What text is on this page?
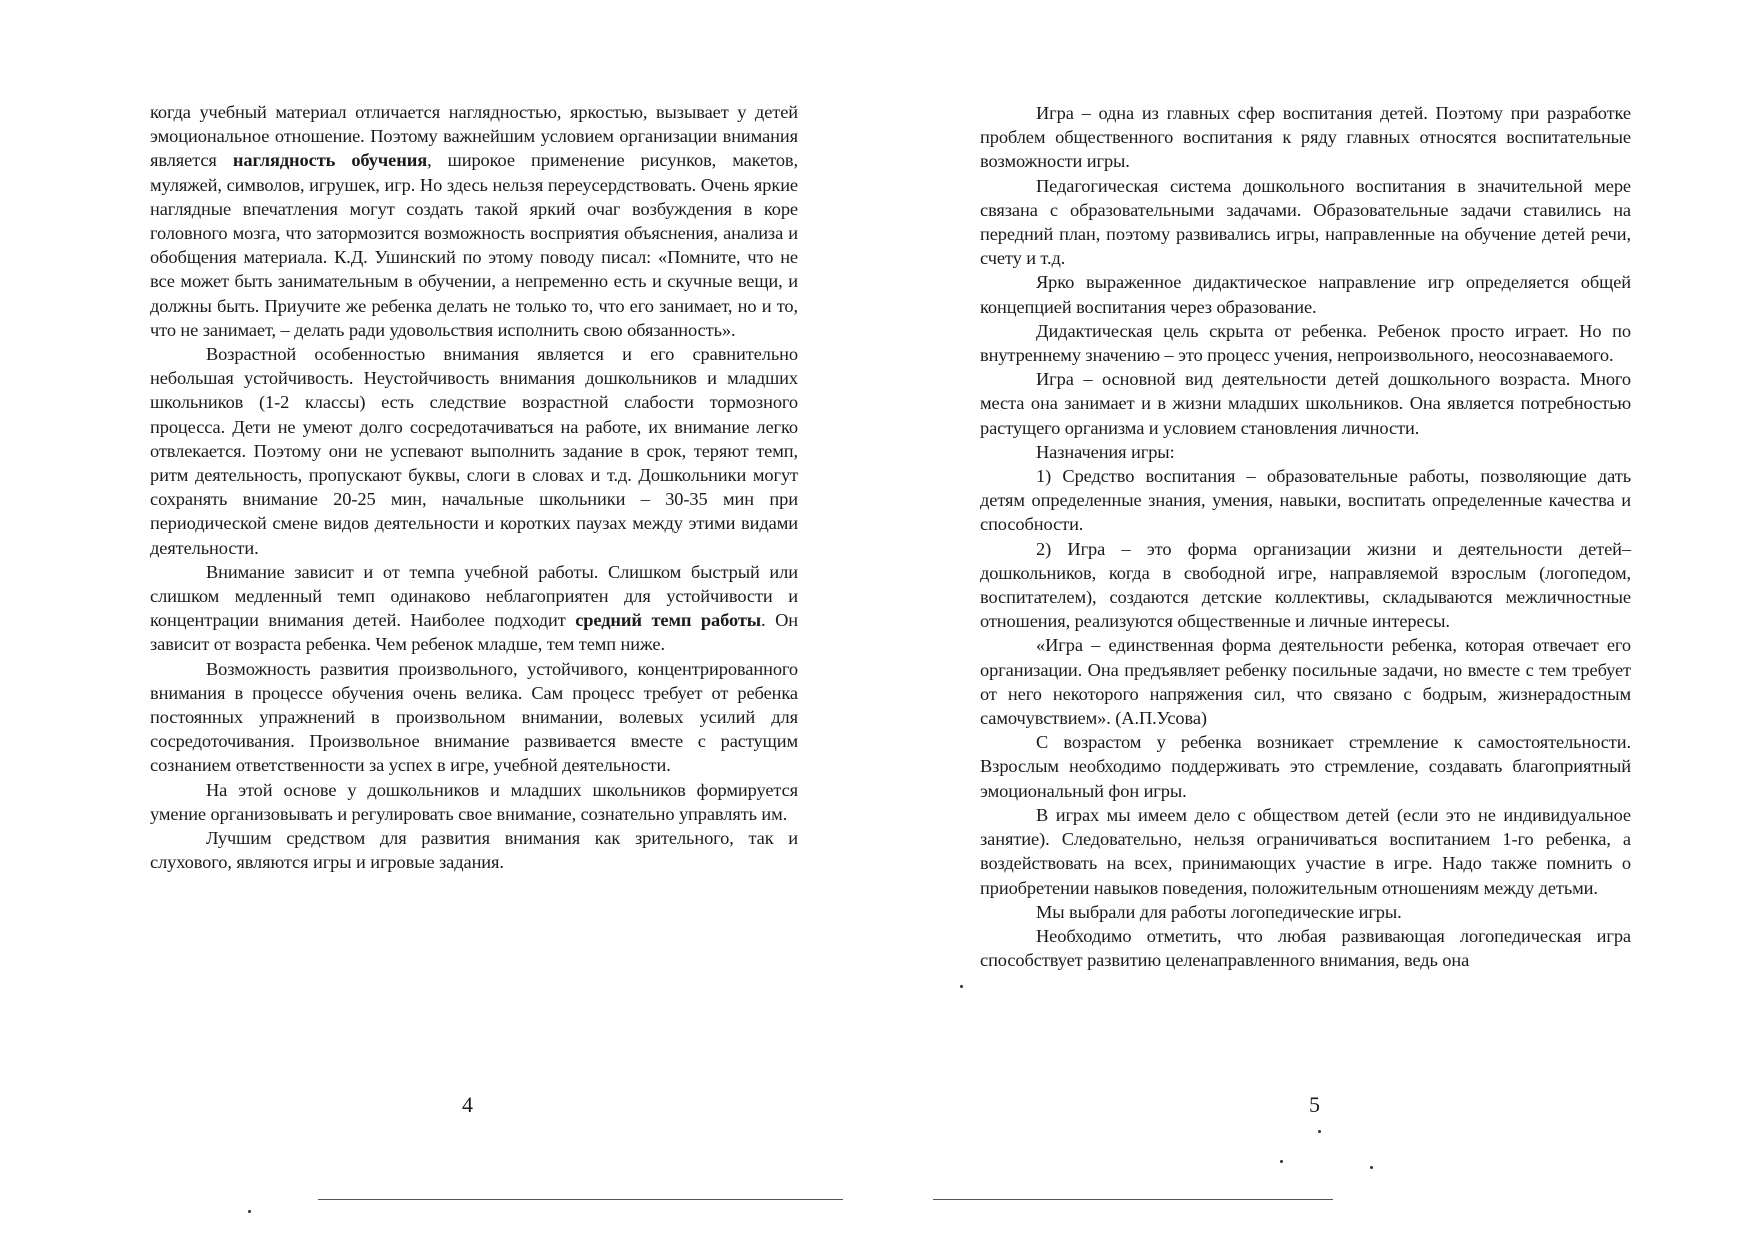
когда учебный материал отличается наглядностью, яркостью, вызывает у детей эмоциональное отношение. Поэтому важнейшим условием организации внимания является наглядность обучения, широкое применение рисунков, макетов, муляжей, символов, игрушек, игр. Но здесь нельзя переусердствовать. Очень яркие наглядные впечатления могут создать такой яркий очаг возбуждения в коре головного мозга, что затормозится возможность восприятия объяснения, анализа и обобщения материала. К.Д. Ушинский по этому поводу писал: «Помните, что не все может быть занимательным в обучении, а непременно есть и скучные вещи, и должны быть. Приучите же ребенка делать не только то, что его занимает, но и то, что не занимает, – делать ради удовольствия исполнить свою обязанность».

Возрастной особенностью внимания является и его сравнительно небольшая устойчивость. Неустойчивость внимания дошкольников и младших школьников (1-2 классы) есть следствие возрастной слабости тормозного процесса. Дети не умеют долго сосредотачиваться на работе, их внимание легко отвлекается. Поэтому они не успевают выполнить задание в срок, теряют темп, ритм деятельность, пропускают буквы, слоги в словах и т.д. Дошкольники могут сохранять внимание 20-25 мин, начальные школьники – 30-35 мин при периодической смене видов деятельности и коротких паузах между этими видами деятельности.

Внимание зависит и от темпа учебной работы. Слишком быстрый или слишком медленный темп одинаково неблагоприятен для устойчивости и концентрации внимания детей. Наиболее подходит средний темп работы. Он зависит от возраста ребенка. Чем ребенок младше, тем темп ниже.

Возможность развития произвольного, устойчивого, концентрированного внимания в процессе обучения очень велика. Сам процесс требует от ребенка постоянных упражнений в произвольном внимании, волевых усилий для сосредоточивания. Произвольное внимание развивается вместе с растущим сознанием ответственности за успех в игре, учебной деятельности.

На этой основе у дошкольников и младших школьников формируется умение организовывать и регулировать свое внимание, сознательно управлять им.

Лучшим средством для развития внимания как зрительного, так и слухового, являются игры и игровые задания.

4

Игра – одна из главных сфер воспитания детей. Поэтому при разработке проблем общественного воспитания к ряду главных относятся воспитательные возможности игры.

Педагогическая система дошкольного воспитания в значительной мере связана с образовательными задачами. Образовательные задачи ставились на передний план, поэтому развивались игры, направленные на обучение детей речи, счету и т.д.

Ярко выраженное дидактическое направление игр определяется общей концепцией воспитания через образование.

Дидактическая цель скрыта от ребенка. Ребенок просто играет. Но по внутреннему значению – это процесс учения, непроизвольного, неосознаваемого.

Игра – основной вид деятельности детей дошкольного возраста. Много места она занимает и в жизни младших школьников. Она является потребностью растущего организма и условием становления личности.

Назначения игры:

1) Средство воспитания – образовательные работы, позволяющие дать детям определенные знания, умения, навыки, воспитать определенные качества и способности.

2) Игра – это форма организации жизни и деятельности детей–дошкольников, когда в свободной игре, направляемой взрослым (логопедом, воспитателем), создаются детские коллективы, складываются межличностные отношения, реализуются общественные и личные интересы.

«Игра – единственная форма деятельности ребенка, которая отвечает его организации. Она предъявляет ребенку посильные задачи, но вместе с тем требует от него некоторого напряжения сил, что связано с бодрым, жизнерадостным самочувствием». (А.П.Усова)

С возрастом у ребенка возникает стремление к самостоятельности. Взрослым необходимо поддерживать это стремление, создавать благоприятный эмоциональный фон игры.

В играх мы имеем дело с обществом детей (если это не индивидуальное занятие). Следовательно, нельзя ограничиваться воспитанием 1-го ребенка, а воздействовать на всех, принимающих участие в игре. Надо также помнить о приобретении навыков поведения, положительным отношениям между детьми.

Мы выбрали для работы логопедические игры.

Необходимо отметить, что любая развивающая логопедическая игра способствует развитию целенаправленного внимания, ведь она

5
